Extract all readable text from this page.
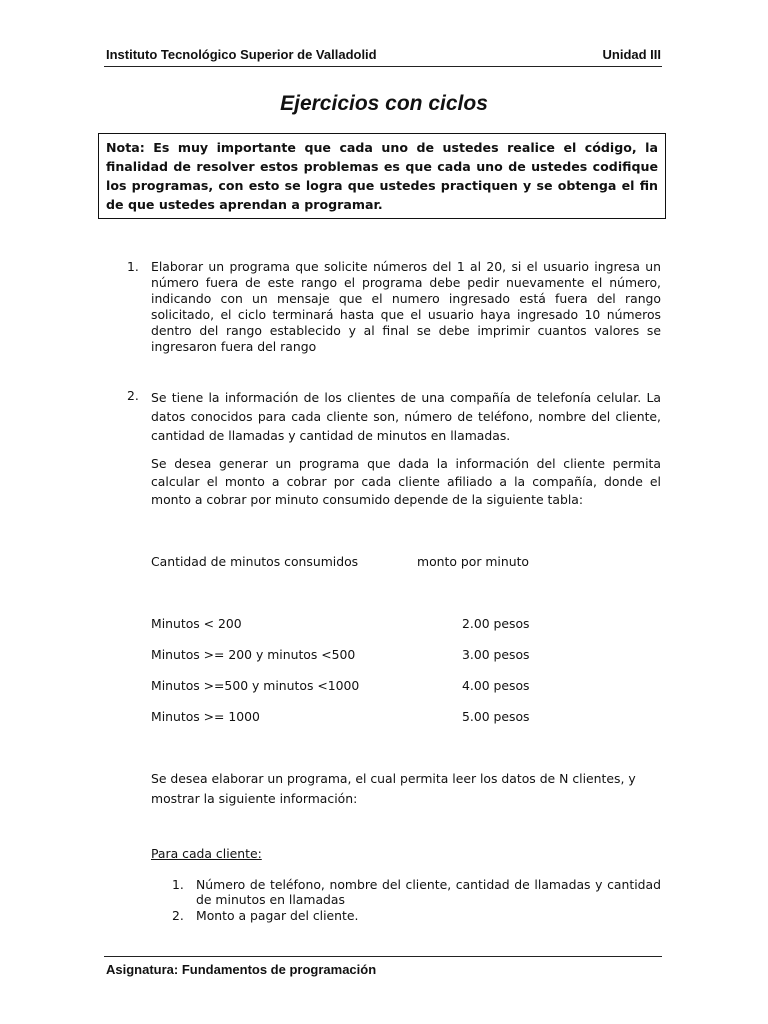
Instituto Tecnológico Superior de Valladolid	Unidad III
Ejercicios con ciclos
Nota: Es muy importante que cada uno de ustedes realice el código, la finalidad de resolver estos problemas es que cada uno de ustedes codifique los programas, con esto se logra que ustedes practiquen y se obtenga el fin de que ustedes aprendan a programar.
1. Elaborar un programa que solicite números del 1 al 20, si el usuario ingresa un número fuera de este rango el programa debe pedir nuevamente el número, indicando con un mensaje que el numero ingresado está fuera del rango solicitado, el ciclo terminará hasta que el usuario haya ingresado 10 números dentro del rango establecido y al final se debe imprimir cuantos valores se ingresaron fuera del rango
2. Se tiene la información de los clientes de una compañía de telefonía celular. La datos conocidos para cada cliente son, número de teléfono, nombre del cliente, cantidad de llamadas y cantidad de minutos en llamadas.
Se desea generar un programa que dada la información del cliente permita calcular el monto a cobrar por cada cliente afiliado a la compañía, donde el monto a cobrar por minuto consumido depende de la siguiente tabla:
Cantidad de minutos consumidos	monto por minuto
Minutos < 200	2.00 pesos
Minutos >= 200 y minutos <500	3.00 pesos
Minutos >=500 y minutos <1000	4.00 pesos
Minutos >= 1000	5.00 pesos
Se desea elaborar un programa, el cual permita leer los datos de N clientes, y mostrar la siguiente información:
Para cada cliente:
1. Número de teléfono, nombre del cliente, cantidad de llamadas y cantidad de minutos en llamadas
2. Monto a pagar del cliente.
Asignatura: Fundamentos de programación
